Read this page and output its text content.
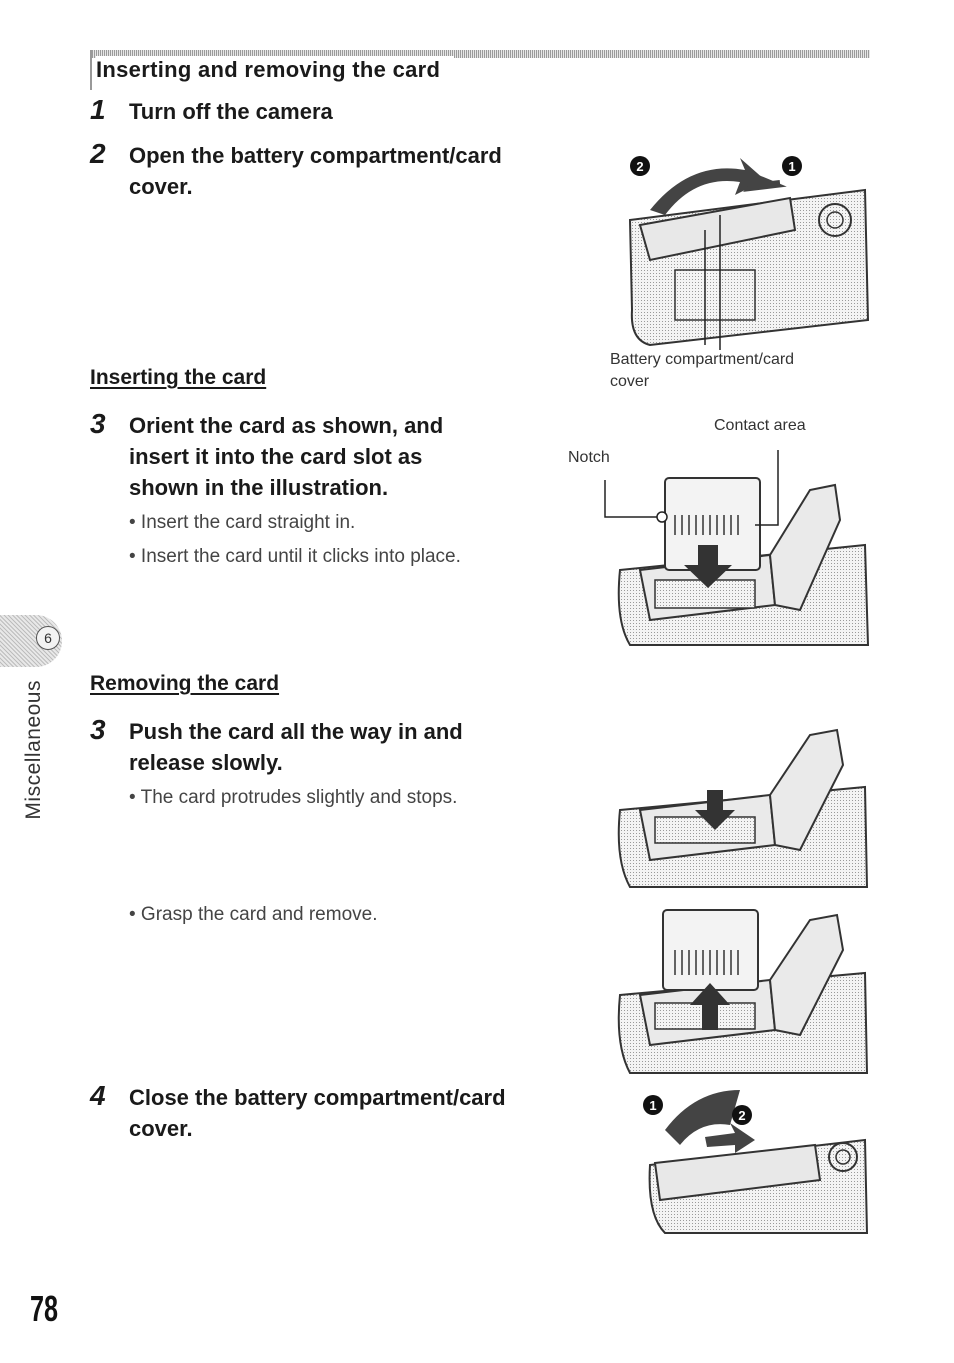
Inserting and removing the card
1	Turn off the camera
2	Open the battery compartment/card
cover.
2	1
Battery compartment/card
cover
Inserting the card
3	Orient the card as shown, and
insert it into the card slot as
shown in the illustration.
• Insert the card straight in.
• Insert the card until it clicks into place.
Contact area
Notch
6
Miscellaneous Removing the card
3	Push the card all the way in and
release slowly.
• The card protrudes slightly and stops.
• Grasp the card and remove.
4	Close the battery compartment/card
cover.
1
2
78
